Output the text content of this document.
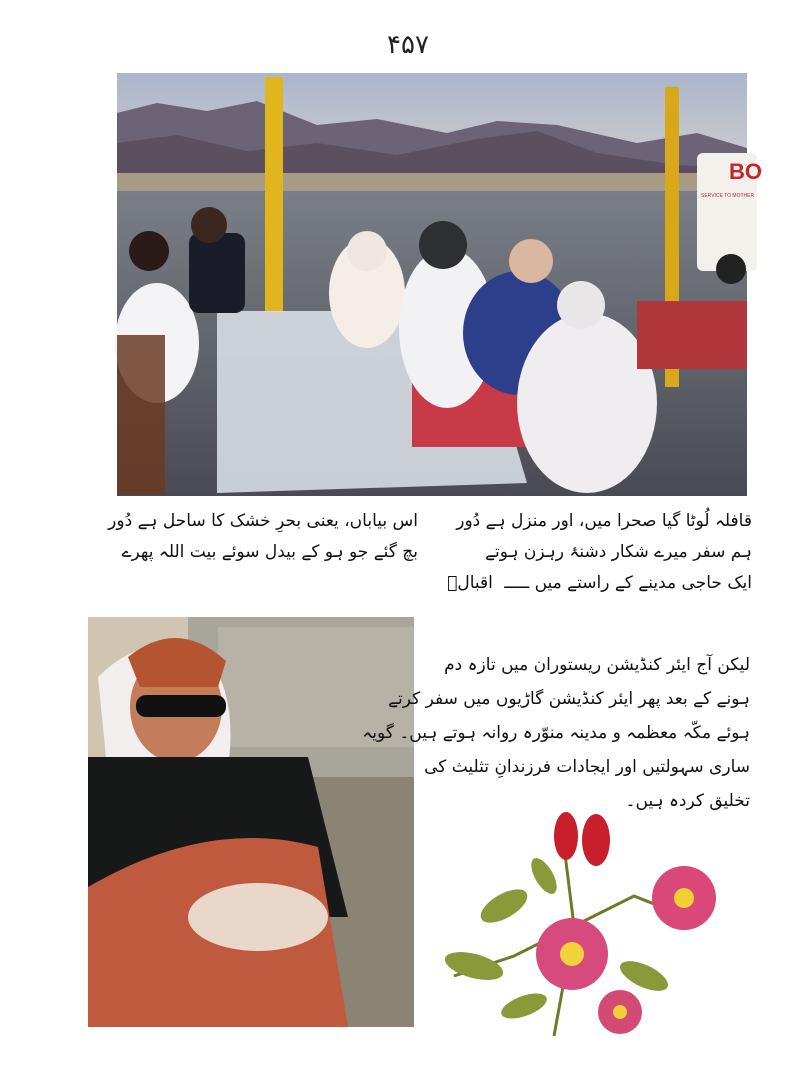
۴۵۷
BO
SERVICE TO MOTHER
قافلہ لُوٹا گیا صحرا میں، اور منزل ہے دُور
ہم سفر میرے شکار دشنۂ رہزن ہوتے
ایک حاجی مدینے کے راستے میں ـــــ اقبالؔ
اس بیاباں، یعنی بحرِ خشک کا ساحل ہے دُور
بچ گئے جو ہو کے بیدل سوئے بیت اللہ پھرے
لیکن آج ایئر کنڈیشن ریستوران میں تازہ دم
ہونے کے بعد پھر ایئر کنڈیشن گاڑیوں میں سفر کرتے
ہوئے مکّہ معظمہ و مدینہ منوّرہ روانہ ہوتے ہیں۔ گویہ
ساری سہولتیں اور ایجادات فرزندانِ تثلیث کی
تخلیق کردہ ہیں۔
